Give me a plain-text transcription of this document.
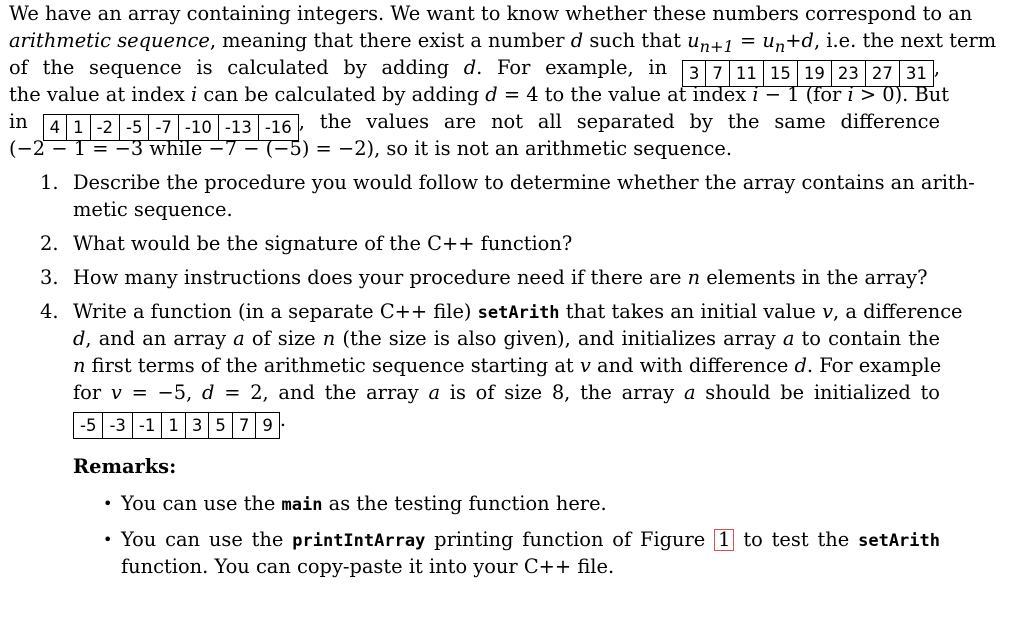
We have an array containing integers. We want to know whether these numbers correspond to an
arithmetic sequence, meaning that there exist a number d such that $u_{n+1} = u_n+d$, i.e. the next term
of the sequence is calculated by adding d. For example, in	3 7 11 15 19 23 27 31 ,
the value at index i can be calculated by adding d = 4 to the value at index i − 1 (for i > 0). But
in	4 1 -2 -5 -7 -10 -13 -16 , the values are not all separated by the same difference
(−2 − 1 = −3 while −7 − (−5) = −2), so it is not an arithmetic sequence.
1. Describe the procedure you would follow to determine whether the array contains an arith-
metic sequence.
2. What would be the signature of the C++ function?
3. How many instructions does your procedure need if there are n elements in the array?
4. Write a function (in a separate C++ file) setArith that takes an initial value v, a difference
d, and an array a of size n (the size is also given), and initializes array a to contain the
n first terms of the arithmetic sequence starting at v and with difference d. For example
for v = −5, d = 2, and the array a is of size 8, the array a should be initialized to
-5 -3 -1 1 3 5 7 9 .
Remarks:
• You can use the main as the testing function here.
• You can use the printIntArray printing function of Figure 1 to test the setArith
function. You can copy-paste it into your C++ file.
